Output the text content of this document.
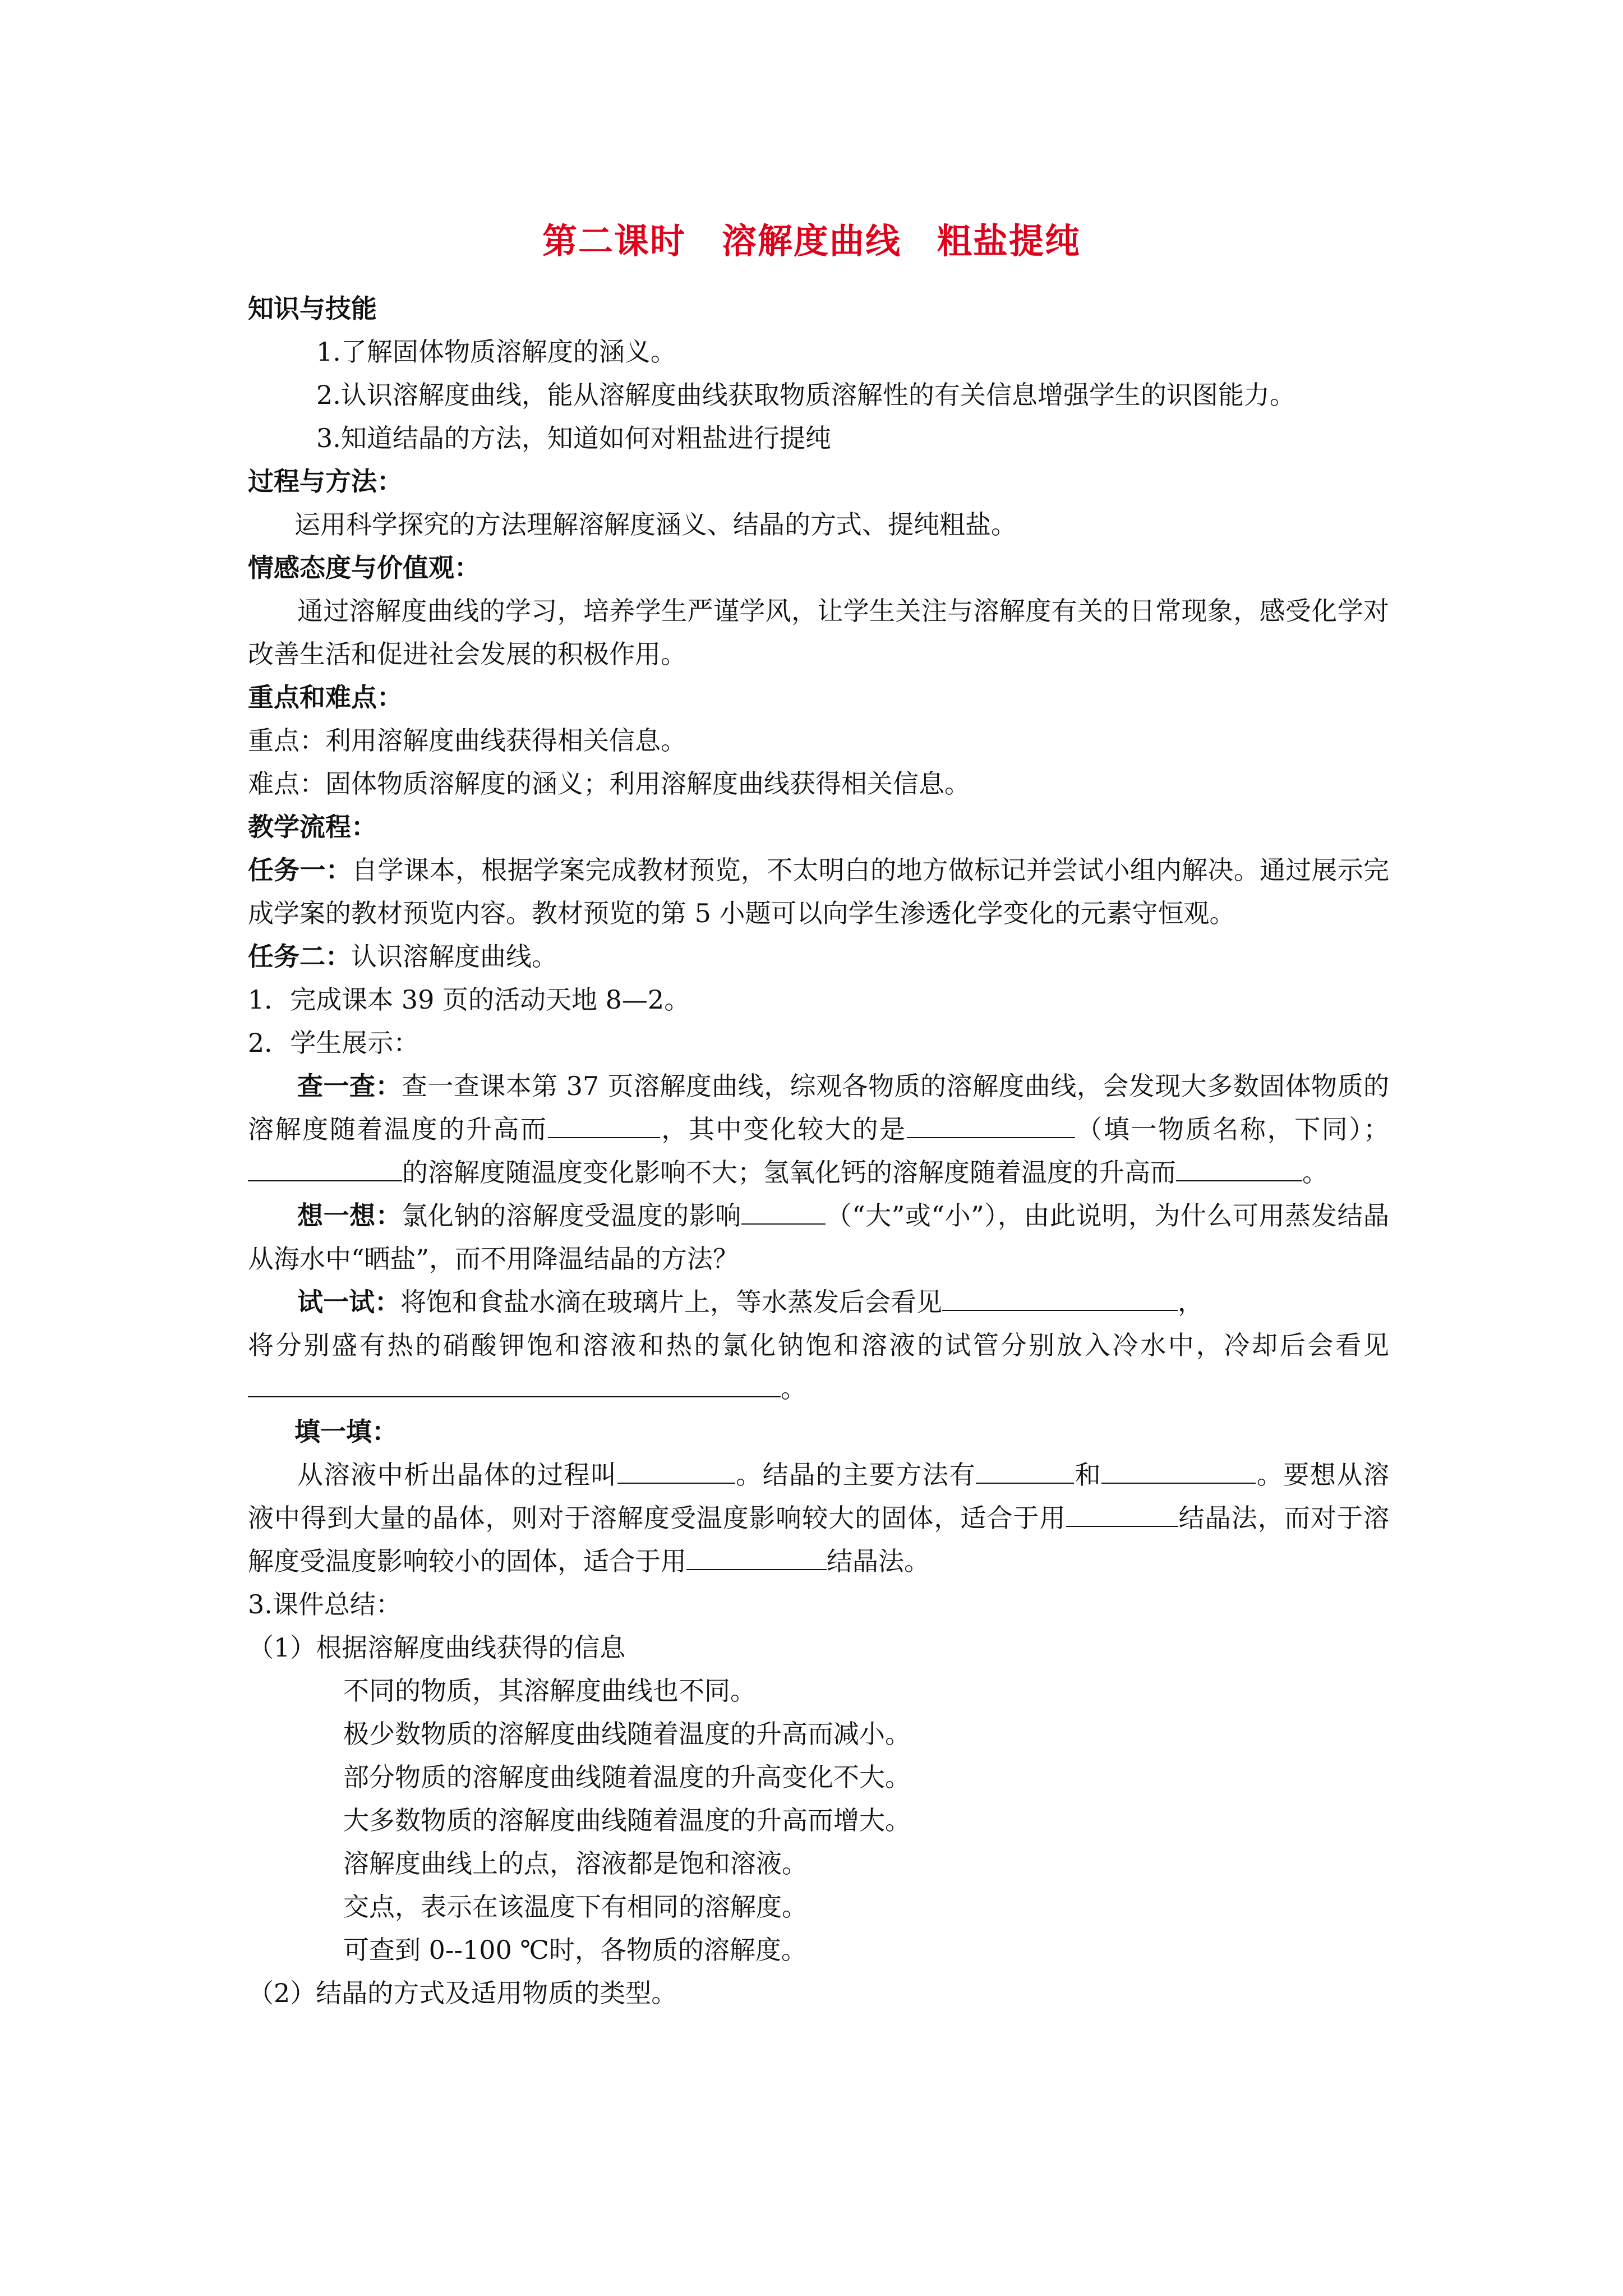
第二课时　溶解度曲线　粗盐提纯

知识与技能

1.了解固体物质溶解度的涵义。

2.认识溶解度曲线，能从溶解度曲线获取物质溶解性的有关信息增强学生的识图能力。

3.知道结晶的方法，知道如何对粗盐进行提纯

过程与方法：

运用科学探究的方法理解溶解度涵义、结晶的方式、提纯粗盐。

情感态度与价值观：

通过溶解度曲线的学习，培养学生严谨学风，让学生关注与溶解度有关的日常现象，感受化学对改善生活和促进社会发展的积极作用。

重点和难点：

重点：利用溶解度曲线获得相关信息。

难点：固体物质溶解度的涵义；利用溶解度曲线获得相关信息。

教学流程：

任务一：自学课本，根据学案完成教材预览，不太明白的地方做标记并尝试小组内解决。通过展示完成学案的教材预览内容。教材预览的第 5 小题可以向学生渗透化学变化的元素守恒观。

任务二：认识溶解度曲线。

1．完成课本 39 页的活动天地 8—2。

2．学生展示：

查一查：查一查课本第 37 页溶解度曲线，综观各物质的溶解度曲线，会发现大多数固体物质的溶解度随着温度的升高而	，其中变化较大的是	（填一物质名称，下同）；的溶解度随温度变化影响不大；氢氧化钙的溶解度随着温度的升高而	。

想一想：氯化钠的溶解度受温度的影响	（“大”或“小”），由此说明，为什么可用蒸发结晶从海水中“晒盐”，而不用降温结晶的方法？

试一试：将饱和食盐水滴在玻璃片上，等水蒸发后会看见	，
将分别盛有热的硝酸钾饱和溶液和热的氯化钠饱和溶液的试管分别放入冷水中，冷却后会看见。

填一填：

从溶液中析出晶体的过程叫	。结晶的主要方法有	和	。要想从溶液中得到大量的晶体，则对于溶解度受温度影响较大的固体，适合于用	结晶法，而对于溶解度受温度影响较小的固体，适合于用	结晶法。

3.课件总结：

（1）根据溶解度曲线获得的信息

不同的物质，其溶解度曲线也不同。

极少数物质的溶解度曲线随着温度的升高而减小。

部分物质的溶解度曲线随着温度的升高变化不大。

大多数物质的溶解度曲线随着温度的升高而增大。

溶解度曲线上的点，溶液都是饱和溶液。

交点，表示在该温度下有相同的溶解度。

可查到 0--100 ℃时，各物质的溶解度。

（2）结晶的方式及适用物质的类型。
